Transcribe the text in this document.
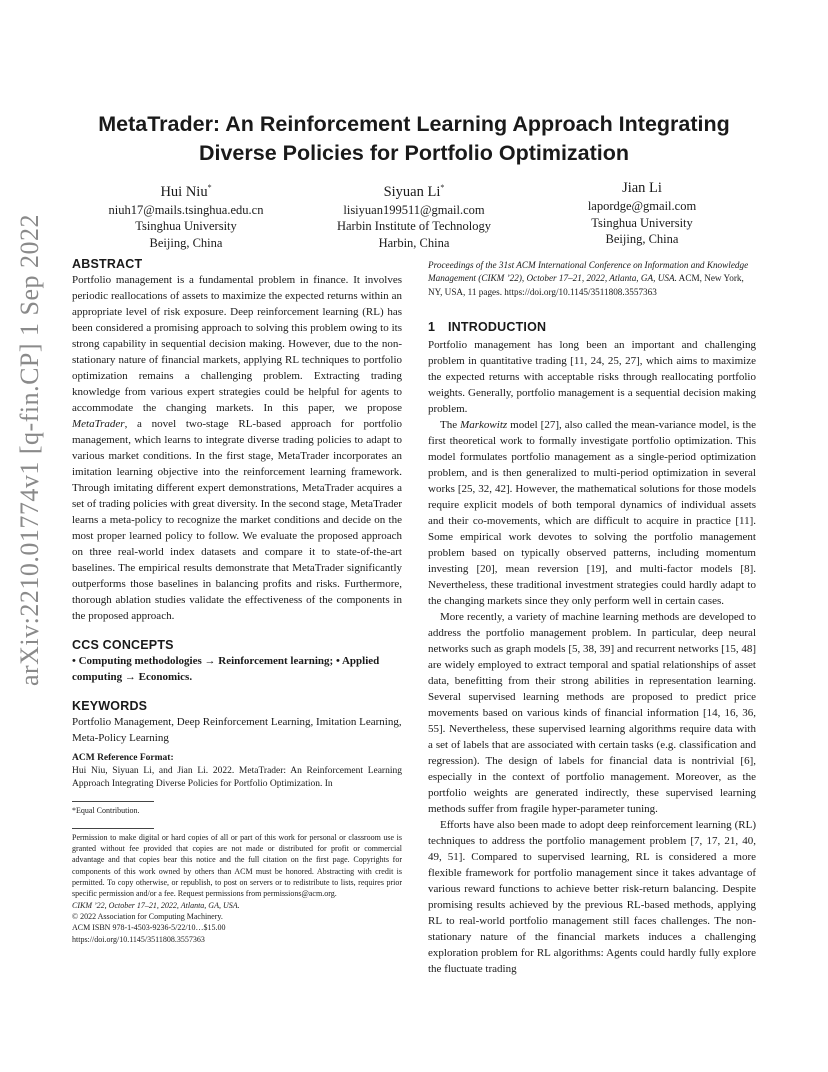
arXiv:2210.01774v1 [q-fin.CP] 1 Sep 2022
MetaTrader: An Reinforcement Learning Approach Integrating
Diverse Policies for Portfolio Optimization
Hui Niu*
niuh17@mails.tsinghua.edu.cn
Tsinghua University
Beijing, China
Siyuan Li*
lisiyuan199511@gmail.com
Harbin Institute of Technology
Harbin, China
Jian Li
lapordge@gmail.com
Tsinghua University
Beijing, China
ABSTRACT

Portfolio management is a fundamental problem in finance. It involves periodic reallocations of assets to maximize the expected returns within an appropriate level of risk exposure. Deep reinforcement learning (RL) has been considered a promising approach to solving this problem owing to its strong capability in sequential decision making. However, due to the non-stationary nature of financial markets, applying RL techniques to portfolio optimization remains a challenging problem. Extracting trading knowledge from various expert strategies could be helpful for agents to accommodate the changing markets. In this paper, we propose MetaTrader, a novel two-stage RL-based approach for portfolio management, which learns to integrate diverse trading policies to adapt to various market conditions. In the first stage, MetaTrader incorporates an imitation learning objective into the reinforcement learning framework. Through imitating different expert demonstrations, MetaTrader acquires a set of trading policies with great diversity. In the second stage, MetaTrader learns a meta-policy to recognize the market conditions and decide on the most proper learned policy to follow. We evaluate the proposed approach on three real-world index datasets and compare it to state-of-the-art baselines. The empirical results demonstrate that MetaTrader significantly outperforms those baselines in balancing profits and risks. Furthermore, thorough ablation studies validate the effectiveness of the components in the proposed approach.

CCS CONCEPTS

• Computing methodologies → Reinforcement learning; • Applied computing → Economics.

KEYWORDS

Portfolio Management, Deep Reinforcement Learning, Imitation Learning, Meta-Policy Learning

ACM Reference Format:

Hui Niu, Siyuan Li, and Jian Li. 2022. MetaTrader: An Reinforcement Learning Approach Integrating Diverse Policies for Portfolio Optimization. In

*Equal Contribution.

Permission to make digital or hard copies of all or part of this work for personal or classroom use is granted without fee provided that copies are not made or distributed for profit or commercial advantage and that copies bear this notice and the full citation on the first page. Copyrights for components of this work owned by others than ACM must be honored. Abstracting with credit is permitted. To copy otherwise, or republish, to post on servers or to redistribute to lists, requires prior specific permission and/or a fee. Request permissions from permissions@acm.org.

CIKM ’22, October 17–21, 2022, Atlanta, GA, USA.

© 2022 Association for Computing Machinery.

ACM ISBN 978-1-4503-9236-5/22/10…$15.00

https://doi.org/10.1145/3511808.3557363

Proceedings of the 31st ACM International Conference on Information and Knowledge Management (CIKM ’22), October 17–21, 2022, Atlanta, GA, USA. ACM, New York, NY, USA, 11 pages. https://doi.org/10.1145/3511808.3557363

1 INTRODUCTION

Portfolio management has long been an important and challenging problem in quantitative trading [11, 24, 25, 27], which aims to maximize the expected returns with acceptable risks through reallocating portfolio weights. Generally, portfolio management is a sequential decision making problem.

The Markowitz model [27], also called the mean-variance model, is the first theoretical work to formally investigate portfolio optimization. This model formulates portfolio management as a single-period optimization problem, and is then generalized to multi-period optimization in several works [25, 32, 42]. However, the mathematical solutions for those models require explicit models of both temporal dynamics of individual assets and their co-movements, which are difficult to acquire in practice [11]. Some empirical work devotes to solving the portfolio management problem based on typically observed patterns, including momentum investing [20], mean reversion [19], and multi-factor models [8]. Nevertheless, these traditional investment strategies could hardly adapt to the changing markets since they only perform well in certain cases.

More recently, a variety of machine learning methods are developed to address the portfolio management problem. In particular, deep neural networks such as graph models [5, 38, 39] and recurrent networks [15, 48] are widely employed to extract temporal and spatial relationships of asset data, benefitting from their strong abilities in representation learning. Several supervised learning methods are proposed to predict price movements based on various kinds of financial information [14, 16, 36, 55]. Nevertheless, these supervised learning algorithms require data with a set of labels that are associated with certain tasks (e.g. classification and regression). The design of labels for financial data is nontrivial [6], especially in the context of portfolio management. Moreover, as the portfolio weights are generated indirectly, these supervised learning methods suffer from fragile hyper-parameter tuning.

Efforts have also been made to adopt deep reinforcement learning (RL) techniques to address the portfolio management problem [7, 17, 21, 40, 49, 51]. Compared to supervised learning, RL is considered a more flexible framework for portfolio management since it takes advantage of various reward functions to achieve better risk-return balancing. Despite promising results achieved by the previous RL-based methods, applying RL to real-world portfolio management still faces challenges. The non-stationary nature of the financial markets induces a challenging exploration problem for RL algorithms: Agents could hardly fully explore the fluctuate trading
